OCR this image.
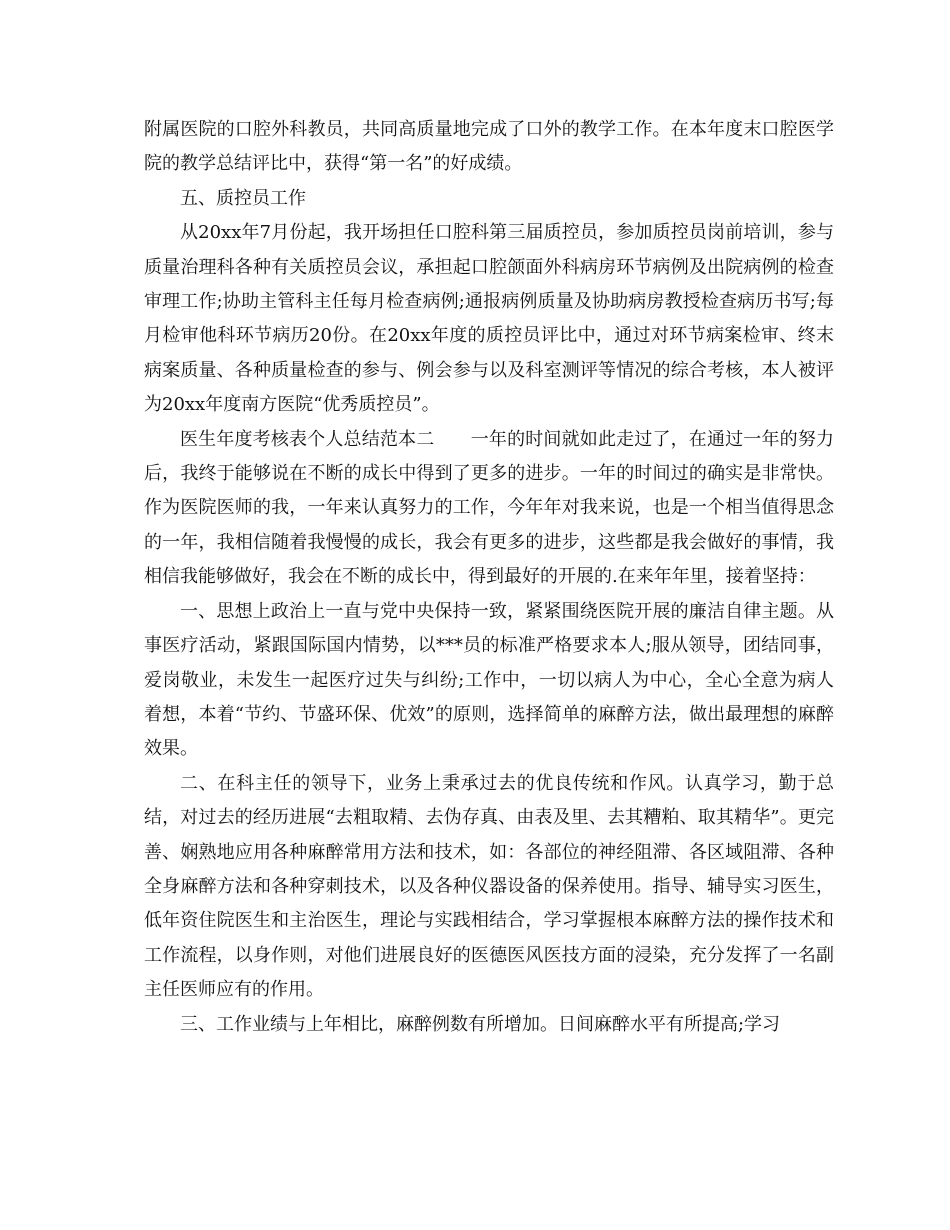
附属医院的口腔外科教员，共同高质量地完成了口外的教学工作。在本年度末口腔医学院的教学总结评比中，获得“第一名”的好成绩。

五、质控员工作

从20xx年7月份起，我开场担任口腔科第三届质控员，参加质控员岗前培训，参与质量治理科各种有关质控员会议，承担起口腔颌面外科病房环节病例及出院病例的检查审理工作;协助主管科主任每月检查病例;通报病例质量及协助病房教授检查病历书写;每月检审他科环节病历20份。在20xx年度的质控员评比中，通过对环节病案检审、终末病案质量、各种质量检查的参与、例会参与以及科室测评等情况的综合考核，本人被评为20xx年度南方医院“优秀质控员”。

医生年度考核表个人总结范本二　　一年的时间就如此走过了，在通过一年的努力后，我终于能够说在不断的成长中得到了更多的进步。一年的时间过的确实是非常快。作为医院医师的我，一年来认真努力的工作，今年年对我来说，也是一个相当值得思念的一年，我相信随着我慢慢的成长，我会有更多的进步，这些都是我会做好的事情，我相信我能够做好，我会在不断的成长中，得到最好的开展的.在来年年里，接着坚持：

一、思想上政治上一直与党中央保持一致，紧紧围绕医院开展的廉洁自律主题。从事医疗活动，紧跟国际国内情势，以***员的标准严格要求本人;服从领导，团结同事，爱岗敬业，未发生一起医疗过失与纠纷;工作中，一切以病人为中心，全心全意为病人着想，本着“节约、节盛环保、优效”的原则，选择简单的麻醉方法，做出最理想的麻醉效果。

二、在科主任的领导下，业务上秉承过去的优良传统和作风。认真学习，勤于总结，对过去的经历进展“去粗取精、去伪存真、由表及里、去其糟粕、取其精华”。更完善、娴熟地应用各种麻醉常用方法和技术，如：各部位的神经阻滞、各区域阻滞、各种全身麻醉方法和各种穿刺技术，以及各种仪器设备的保养使用。指导、辅导实习医生，低年资住院医生和主治医生，理论与实践相结合，学习掌握根本麻醉方法的操作技术和工作流程，以身作则，对他们进展良好的医德医风医技方面的浸染，充分发挥了一名副主任医师应有的作用。

三、工作业绩与上年相比，麻醉例数有所增加。日间麻醉水平有所提高;学习
